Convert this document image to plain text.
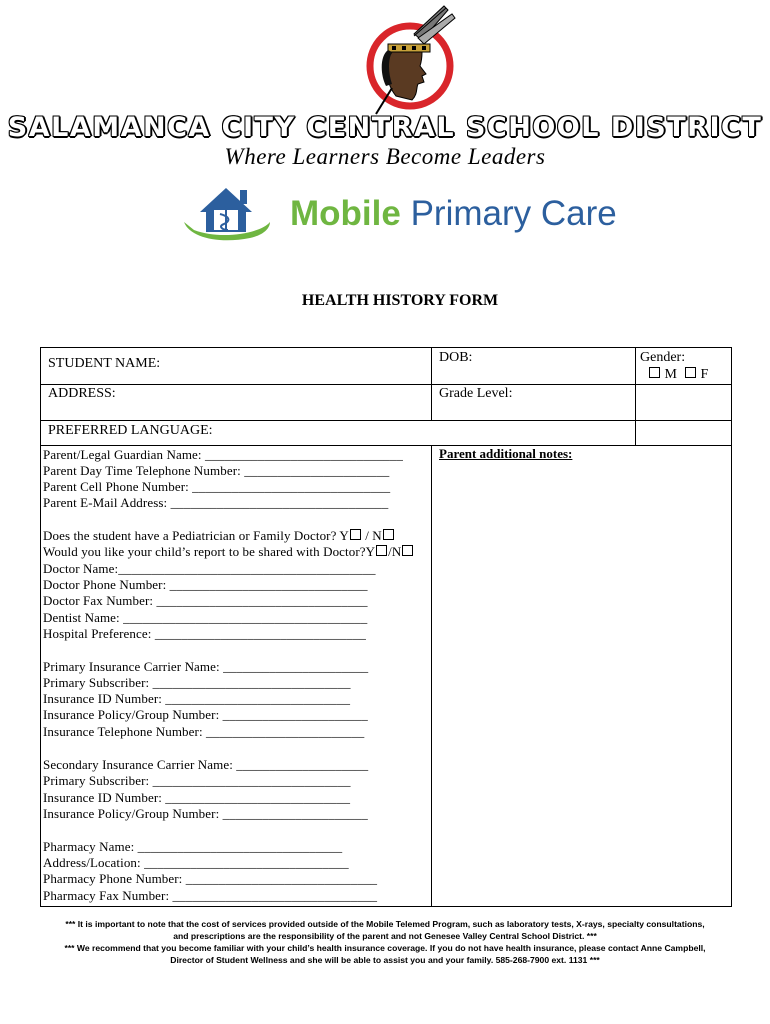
SALAMANCA CITY CENTRAL SCHOOL DISTRICT
Where Learners Become Leaders
Mobile Primary Care
HEALTH HISTORY FORM
STUDENT NAME:	DOB:	Gender:
M F
ADDRESS:	Grade Level:
PREFERRED LANGUAGE:
Parent additional notes:
Parent/Legal Guardian Name: ______________________________
Parent Day Time Telephone Number: ______________________
Parent Cell Phone Number: ______________________________
Parent E-Mail Address: _________________________________
Does the student have a Pediatrician or Family Doctor? Y / N
Would you like your child’s report to be shared with Doctor?Y /N
Doctor Name:_______________________________________
Doctor Phone Number: ______________________________
Doctor Fax Number: ________________________________
Dentist Name: _____________________________________
Hospital Preference: ________________________________
Primary Insurance Carrier Name: ______________________
Primary Subscriber: ______________________________
Insurance ID Number: ____________________________
Insurance Policy/Group Number: ______________________
Insurance Telephone Number: ________________________
Secondary Insurance Carrier Name: ____________________
Primary Subscriber: ______________________________
Insurance ID Number: ____________________________
Insurance Policy/Group Number: ______________________
Pharmacy Name: _______________________________
Address/Location: _______________________________
Pharmacy Phone Number: _____________________________
Pharmacy Fax Number: _______________________________
*** It is important to note that the cost of services provided outside of the Mobile Telemed Program, such as laboratory tests, X-rays, specialty consultations,
and prescriptions are the responsibility of the parent and not Genesee Valley Central School District. ***
*** We recommend that you become familiar with your child’s health insurance coverage. If you do not have health insurance, please contact Anne Campbell,
Director of Student Wellness and she will be able to assist you and your family. 585-268-7900 ext. 1131 ***
